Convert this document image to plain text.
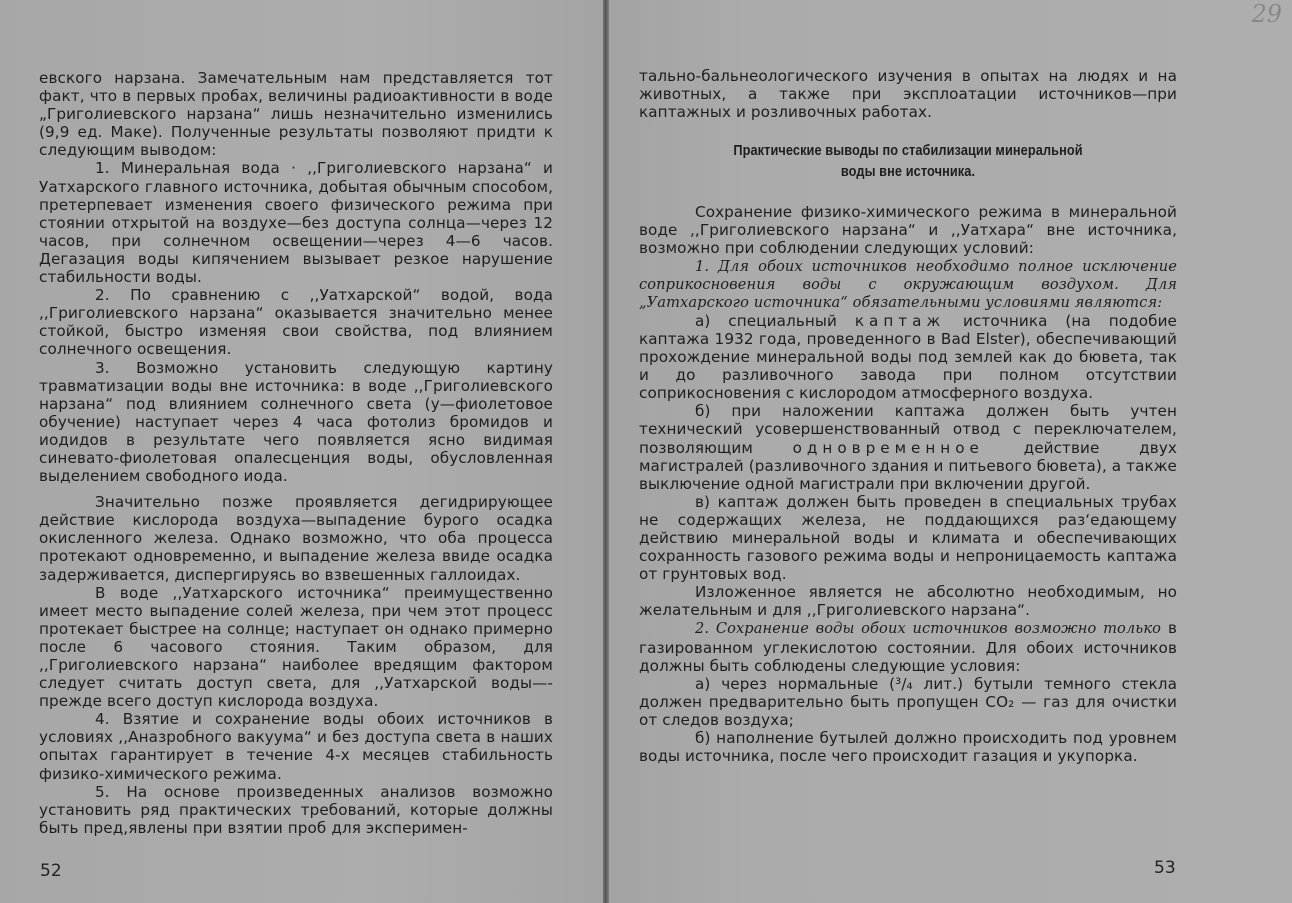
евского нарзана. Замечательным нам представляется тот факт, что в первых пробах, величины радиоактивности в воде „Григолиевского нарзана“ лишь незначительно изменились (9,9 ед. Маке). Полученные результаты позволяют придти к следующим выводом:

1. Минеральная вода · ,,Григолиевского нарзана“ и Уатхарского главного источника, добытая обычным способом, претерпевает изменения своего физического режима при стоянии отхрытой на воздухе—без доступа солнца—через 12 часов, при солнечном освещении—через 4—6 часов. Дегазация воды кипячением вызывает резкое нарушение стабильности воды.

2. По сравнению с ,,Уатхарской“ водой, вода ,,Григолиевского нарзана“ оказывается значительно менее стойкой, быстро изменяя свои свойства, под влиянием солнечного освещения.

3. Возможно установить следующую картину травматизации воды вне источника: в воде ,,Григолиевского нарзана“ под влиянием солнечного света (у—фиолетовое обучение) наступает через 4 часа фотолиз бромидов и иодидов в результате чего появляется ясно видимая синевато-фиолетовая опалесценция воды, обусловленная выделением свободного иода.

Значительно позже проявляется дегидрирующее действие кислорода воздуха—выпадение бурого осадка окисленного железа. Однако возможно, что оба процесса протекают одновременно, и выпадение железа ввиде осадка задерживается, диспергируясь во взвешенных галлоидах.

В воде ,,Уатхарского источника“ преимущественно имеет место выпадение солей железа, при чем этот процесс протекает быстрее на солнце; наступает он однако примерно после 6 часового стояния. Таким образом, для ,,Григолиевского нарзана“ наиболее вредящим фактором следует считать доступ света, для ,,Уатхарской воды—-прежде всего доступ кислорода воздуха.

4. Взятие и сохранение воды обоих источников в условиях ,,Аназробного вакуума“ и без доступа света в наших опытах гарантирует в течение 4-х месяцев стабильность физико-химического режима.

5. На основе произведенных анализов возможно установить ряд практических требований, которые должны быть пред,явлены при взятии проб для эксперимен-

52
29

тально-бальнеологического изучения в опытах на людях и на животных, а также при эксплоатации источников—при каптажных и розливочных работах.

Практические выводы по стабилизации минеральной
воды вне источника.

Сохранение физико-химического режима в минеральной воде ,,Григолиевского нарзана“ и ,,Уатхара“ вне источника, возможно при соблюдении следующих условий:

1. Для обоих источников необходимо полное исключение соприкосновения воды с окружающим воздухом. Для „Уатхарского источника“ обязательными условиями являются:

а) специальный каптаж источника (на подобие каптажа 1932 года, проведенного в Bad Elster), обеспечивающий прохождение минеральной воды под землей как до бювета, так и до разливочного завода при полном отсутствии соприкосновения с кислородом атмосферного воздуха.

б) при наложении каптажа должен быть учтен технический усовершенствованный отвод с переключателем, позволяющим	одновременное	действие двух магистралей (разливочного здания и питьевого бювета), а также выключение одной магистрали при включении другой.

в) каптаж должен быть проведен в специальных трубах не содержащих железа, не поддающихся раз‘едающему действию минеральной воды и климата и обеспечивающих сохранность газового режима воды и непроницаемость каптажа от грунтовых вод.

Изложенное является не абсолютно необходимым, но желательным и для ,,Григолиевского нарзана“.

2. Сохранение воды обоих источников возможно только в газированном углекислотою состоянии. Для обоих источников должны быть соблюдены следующие условия:

а) через нормальные (³/₄ лит.) бутыли темного стекла должен предварительно быть пропущен CO₂ — газ для очистки от следов воздуха;

б) наполнение бутылей должно происходить под уровнем воды источника, после чего происходит газация и укупорка.

53
